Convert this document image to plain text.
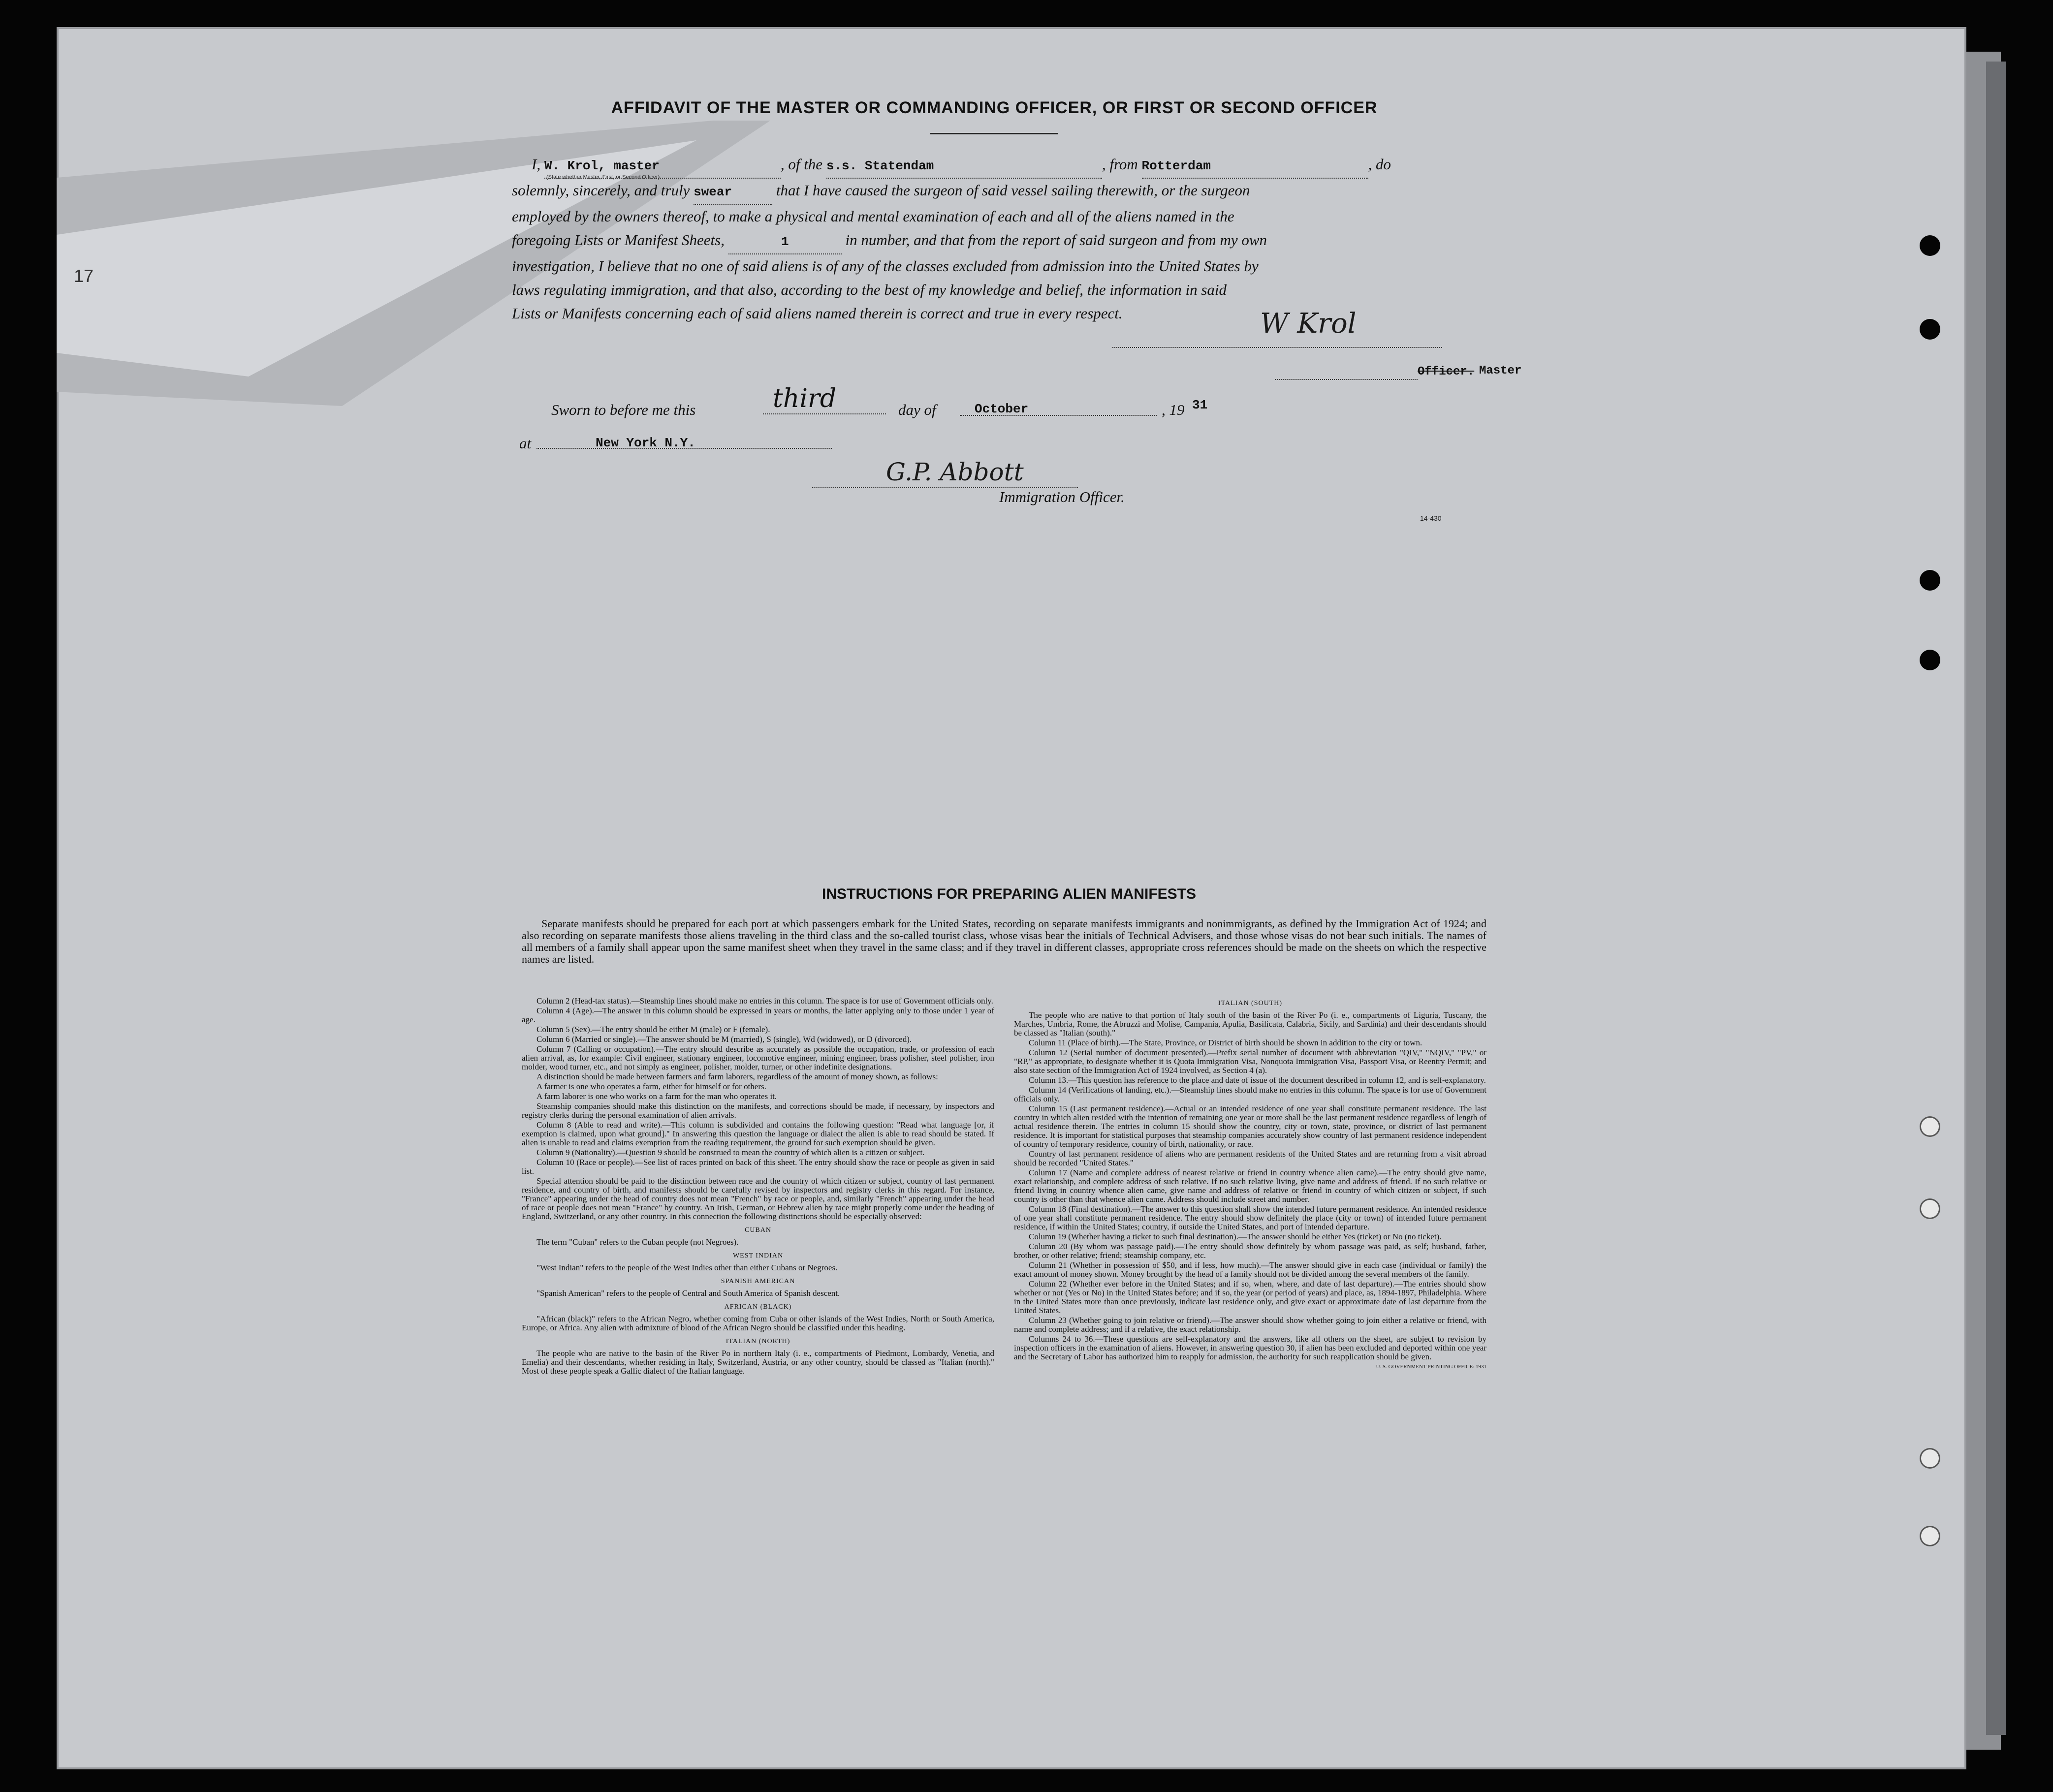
17
AFFIDAVIT OF THE MASTER OR COMMANDING OFFICER, OR FIRST OR SECOND OFFICER
I, W. Krol, master	, of the s.s. Statendam	, from Rotterdam	, do
solemnly, sincerely, and truly swear	that I have caused the surgeon of said vessel sailing therewith, or the surgeon
employed by the owners thereof, to make a physical and mental examination of each and all of the aliens named in the
foregoing Lists or Manifest Sheets,	1	in number, and that from the report of said surgeon and from my own
investigation, I believe that no one of said aliens is of any of the classes excluded from admission into the United States by
laws regulating immigration, and that also, according to the best of my knowledge and belief, the information in said
Lists or Manifests concerning each of said aliens named therein is correct and true in every respect.
(State whether Master, First, or Second Officer)
W Krol
Officer. Master
Sworn to before me this	third	day of	October	, 19 31
at	New York N.Y.
G.P. Abbott
Immigration Officer.
14-430
INSTRUCTIONS FOR PREPARING ALIEN MANIFESTS
Separate manifests should be prepared for each port at which passengers embark for the United States, recording on separate manifests immigrants and nonimmigrants, as defined by the Immigration Act of 1924; and also recording on separate manifests those aliens traveling in the third class and the so-called tourist class, whose visas bear the initials of Technical Advisers, and those whose visas do not bear such initials. The names of all members of a family shall appear upon the same manifest sheet when they travel in the same class; and if they travel in different classes, appropriate cross references should be made on the sheets on which the respective names are listed.

Column 2 (Head-tax status).—Steamship lines should make no entries in this column. The space is for use of Government officials only.

Column 4 (Age).—The answer in this column should be expressed in years or months, the latter applying only to those under 1 year of age.

Column 5 (Sex).—The entry should be either M (male) or F (female).

Column 6 (Married or single).—The answer should be M (married), S (single), Wd (widowed), or D (divorced).

Column 7 (Calling or occupation).—The entry should describe as accurately as possible the occupation, trade, or profession of each alien arrival, as, for example: Civil engineer, stationary engineer, locomotive engineer, mining engineer, brass polisher, steel polisher, iron molder, wood turner, etc., and not simply as engineer, polisher, molder, turner, or other indefinite designations.

A distinction should be made between farmers and farm laborers, regardless of the amount of money shown, as follows:

A farmer is one who operates a farm, either for himself or for others.

A farm laborer is one who works on a farm for the man who operates it.

Steamship companies should make this distinction on the manifests, and corrections should be made, if necessary, by inspectors and registry clerks during the personal examination of alien arrivals.

Column 8 (Able to read and write).—This column is subdivided and contains the following question: "Read what language [or, if exemption is claimed, upon what ground]." In answering this question the language or dialect the alien is able to read should be stated. If alien is unable to read and claims exemption from the reading requirement, the ground for such exemption should be given.

Column 9 (Nationality).—Question 9 should be construed to mean the country of which alien is a citizen or subject.

Column 10 (Race or people).—See list of races printed on back of this sheet. The entry should show the race or people as given in said list.

Special attention should be paid to the distinction between race and the country of which citizen or subject, country of last permanent residence, and country of birth, and manifests should be carefully revised by inspectors and registry clerks in this regard. For instance, "France" appearing under the head of country does not mean "French" by race or people, and, similarly "French" appearing under the head of race or people does not mean "France" by country. An Irish, German, or Hebrew alien by race might properly come under the heading of England, Switzerland, or any other country. In this connection the following distinctions should be especially observed:

CUBAN

The term "Cuban" refers to the Cuban people (not Negroes).

WEST INDIAN

"West Indian" refers to the people of the West Indies other than either Cubans or Negroes.

SPANISH AMERICAN

"Spanish American" refers to the people of Central and South America of Spanish descent.

AFRICAN (BLACK)

"African (black)" refers to the African Negro, whether coming from Cuba or other islands of the West Indies, North or South America, Europe, or Africa. Any alien with admixture of blood of the African Negro should be classified under this heading.

ITALIAN (NORTH)

The people who are native to the basin of the River Po in northern Italy (i. e., compartments of Piedmont, Lombardy, Venetia, and Emelia) and their descendants, whether residing in Italy, Switzerland, Austria, or any other country, should be classed as "Italian (north)." Most of these people speak a Gallic dialect of the Italian language.

ITALIAN (SOUTH)

The people who are native to that portion of Italy south of the basin of the River Po (i. e., compartments of Liguria, Tuscany, the Marches, Umbria, Rome, the Abruzzi and Molise, Campania, Apulia, Basilicata, Calabria, Sicily, and Sardinia) and their descendants should be classed as "Italian (south)."

Column 11 (Place of birth).—The State, Province, or District of birth should be shown in addition to the city or town.

Column 12 (Serial number of document presented).—Prefix serial number of document with abbreviation "QIV," "NQIV," "PV," or "RP," as appropriate, to designate whether it is Quota Immigration Visa, Nonquota Immigration Visa, Passport Visa, or Reentry Permit; and also state section of the Immigration Act of 1924 involved, as Section 4 (a).

Column 13.—This question has reference to the place and date of issue of the document described in column 12, and is self-explanatory.

Column 14 (Verifications of landing, etc.).—Steamship lines should make no entries in this column. The space is for use of Government officials only.

Column 15 (Last permanent residence).—Actual or an intended residence of one year shall constitute permanent residence. The last country in which alien resided with the intention of remaining one year or more shall be the last permanent residence regardless of length of actual residence therein. The entries in column 15 should show the country, city or town, state, province, or district of last permanent residence. It is important for statistical purposes that steamship companies accurately show country of last permanent residence independent of country of temporary residence, country of birth, nationality, or race.

Country of last permanent residence of aliens who are permanent residents of the United States and are returning from a visit abroad should be recorded "United States."

Column 17 (Name and complete address of nearest relative or friend in country whence alien came).—The entry should give name, exact relationship, and complete address of such relative. If no such relative living, give name and address of friend. If no such relative or friend living in country whence alien came, give name and address of relative or friend in country of which citizen or subject, if such country is other than that whence alien came. Address should include street and number.

Column 18 (Final destination).—The answer to this question shall show the intended future permanent residence. An intended residence of one year shall constitute permanent residence. The entry should show definitely the place (city or town) of intended future permanent residence, if within the United States; country, if outside the United States, and port of intended departure.

Column 19 (Whether having a ticket to such final destination).—The answer should be either Yes (ticket) or No (no ticket).

Column 20 (By whom was passage paid).—The entry should show definitely by whom passage was paid, as self; husband, father, brother, or other relative; friend; steamship company, etc.

Column 21 (Whether in possession of $50, and if less, how much).—The answer should give in each case (individual or family) the exact amount of money shown. Money brought by the head of a family should not be divided among the several members of the family.

Column 22 (Whether ever before in the United States; and if so, when, where, and date of last departure).—The entries should show whether or not (Yes or No) in the United States before; and if so, the year (or period of years) and place, as, 1894-1897, Philadelphia. Where in the United States more than once previously, indicate last residence only, and give exact or approximate date of last departure from the United States.

Column 23 (Whether going to join relative or friend).—The answer should show whether going to join either a relative or friend, with name and complete address; and if a relative, the exact relationship.

Columns 24 to 36.—These questions are self-explanatory and the answers, like all others on the sheet, are subject to revision by inspection officers in the examination of aliens. However, in answering question 30, if alien has been excluded and deported within one year and the Secretary of Labor has authorized him to reapply for admission, the authority for such reapplication should be given.

U. S. GOVERNMENT PRINTING OFFICE: 1931
